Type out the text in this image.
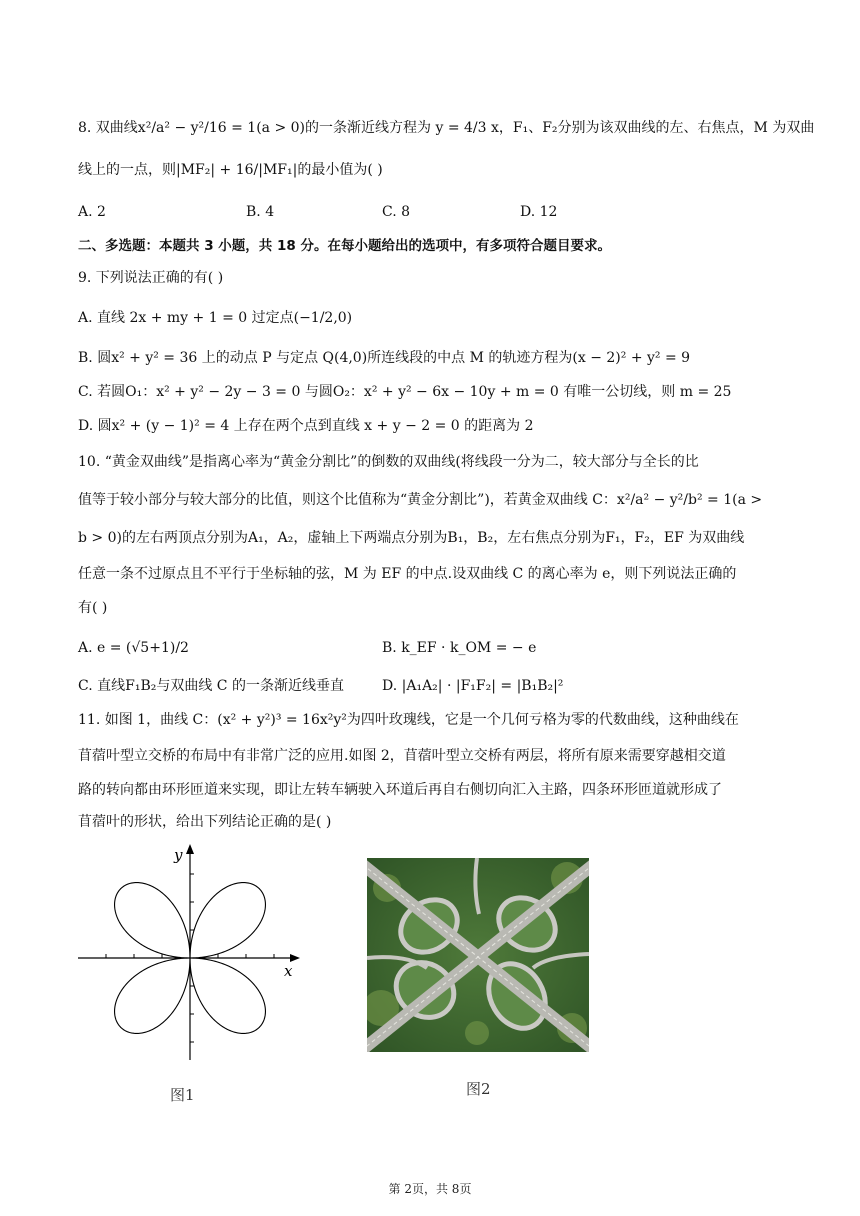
8. 双曲线x²/a² − y²/16 = 1(a > 0)的一条渐近线方程为 y = 4/3 x，F₁、F₂分别为该双曲线的左、右焦点，M 为双曲
线上的一点，则|MF₂| + 16/|MF₁|的最小值为( )
A. 2	B. 4	C. 8	D. 12
二、多选题：本题共 3 小题，共 18 分。在每小题给出的选项中，有多项符合题目要求。
9. 下列说法正确的有( )
A. 直线 2x + my + 1 = 0 过定点(−1/2,0)
B. 圆x² + y² = 36 上的动点 P 与定点 Q(4,0)所连线段的中点 M 的轨迹方程为(x − 2)² + y² = 9
C. 若圆O₁：x² + y² − 2y − 3 = 0 与圆O₂：x² + y² − 6x − 10y + m = 0 有唯一公切线，则 m = 25
D. 圆x² + (y − 1)² = 4 上存在两个点到直线 x + y − 2 = 0 的距离为 2
10. “黄金双曲线”是指离心率为“黄金分割比”的倒数的双曲线(将线段一分为二，较大部分与全长的比
值等于较小部分与较大部分的比值，则这个比值称为“黄金分割比”)，若黄金双曲线 C：x²/a² − y²/b² = 1(a >
b > 0)的左右两顶点分别为A₁，A₂，虚轴上下两端点分别为B₁，B₂，左右焦点分别为F₁，F₂，EF 为双曲线
任意一条不过原点且不平行于坐标轴的弦，M 为 EF 的中点.设双曲线 C 的离心率为 e，则下列说法正确的
有( )
A. e = (√5+1)/2	B. k_EF · k_OM = − e
C. 直线F₁B₂与双曲线 C 的一条渐近线垂直	D. |A₁A₂| · |F₁F₂| = |B₁B₂|²
11. 如图 1，曲线 C：(x² + y²)³ = 16x²y²为四叶玫瑰线，它是一个几何亏格为零的代数曲线，这种曲线在
苜蓿叶型立交桥的布局中有非常广泛的应用.如图 2，苜蓿叶型立交桥有两层，将所有原来需要穿越相交道
路的转向都由环形匝道来实现，即让左转车辆驶入环道后再自右侧切向汇入主路，四条环形匝道就形成了
苜蓿叶的形状，给出下列结论正确的是( )
x
y
图1	图2
第 2页，共 8页
